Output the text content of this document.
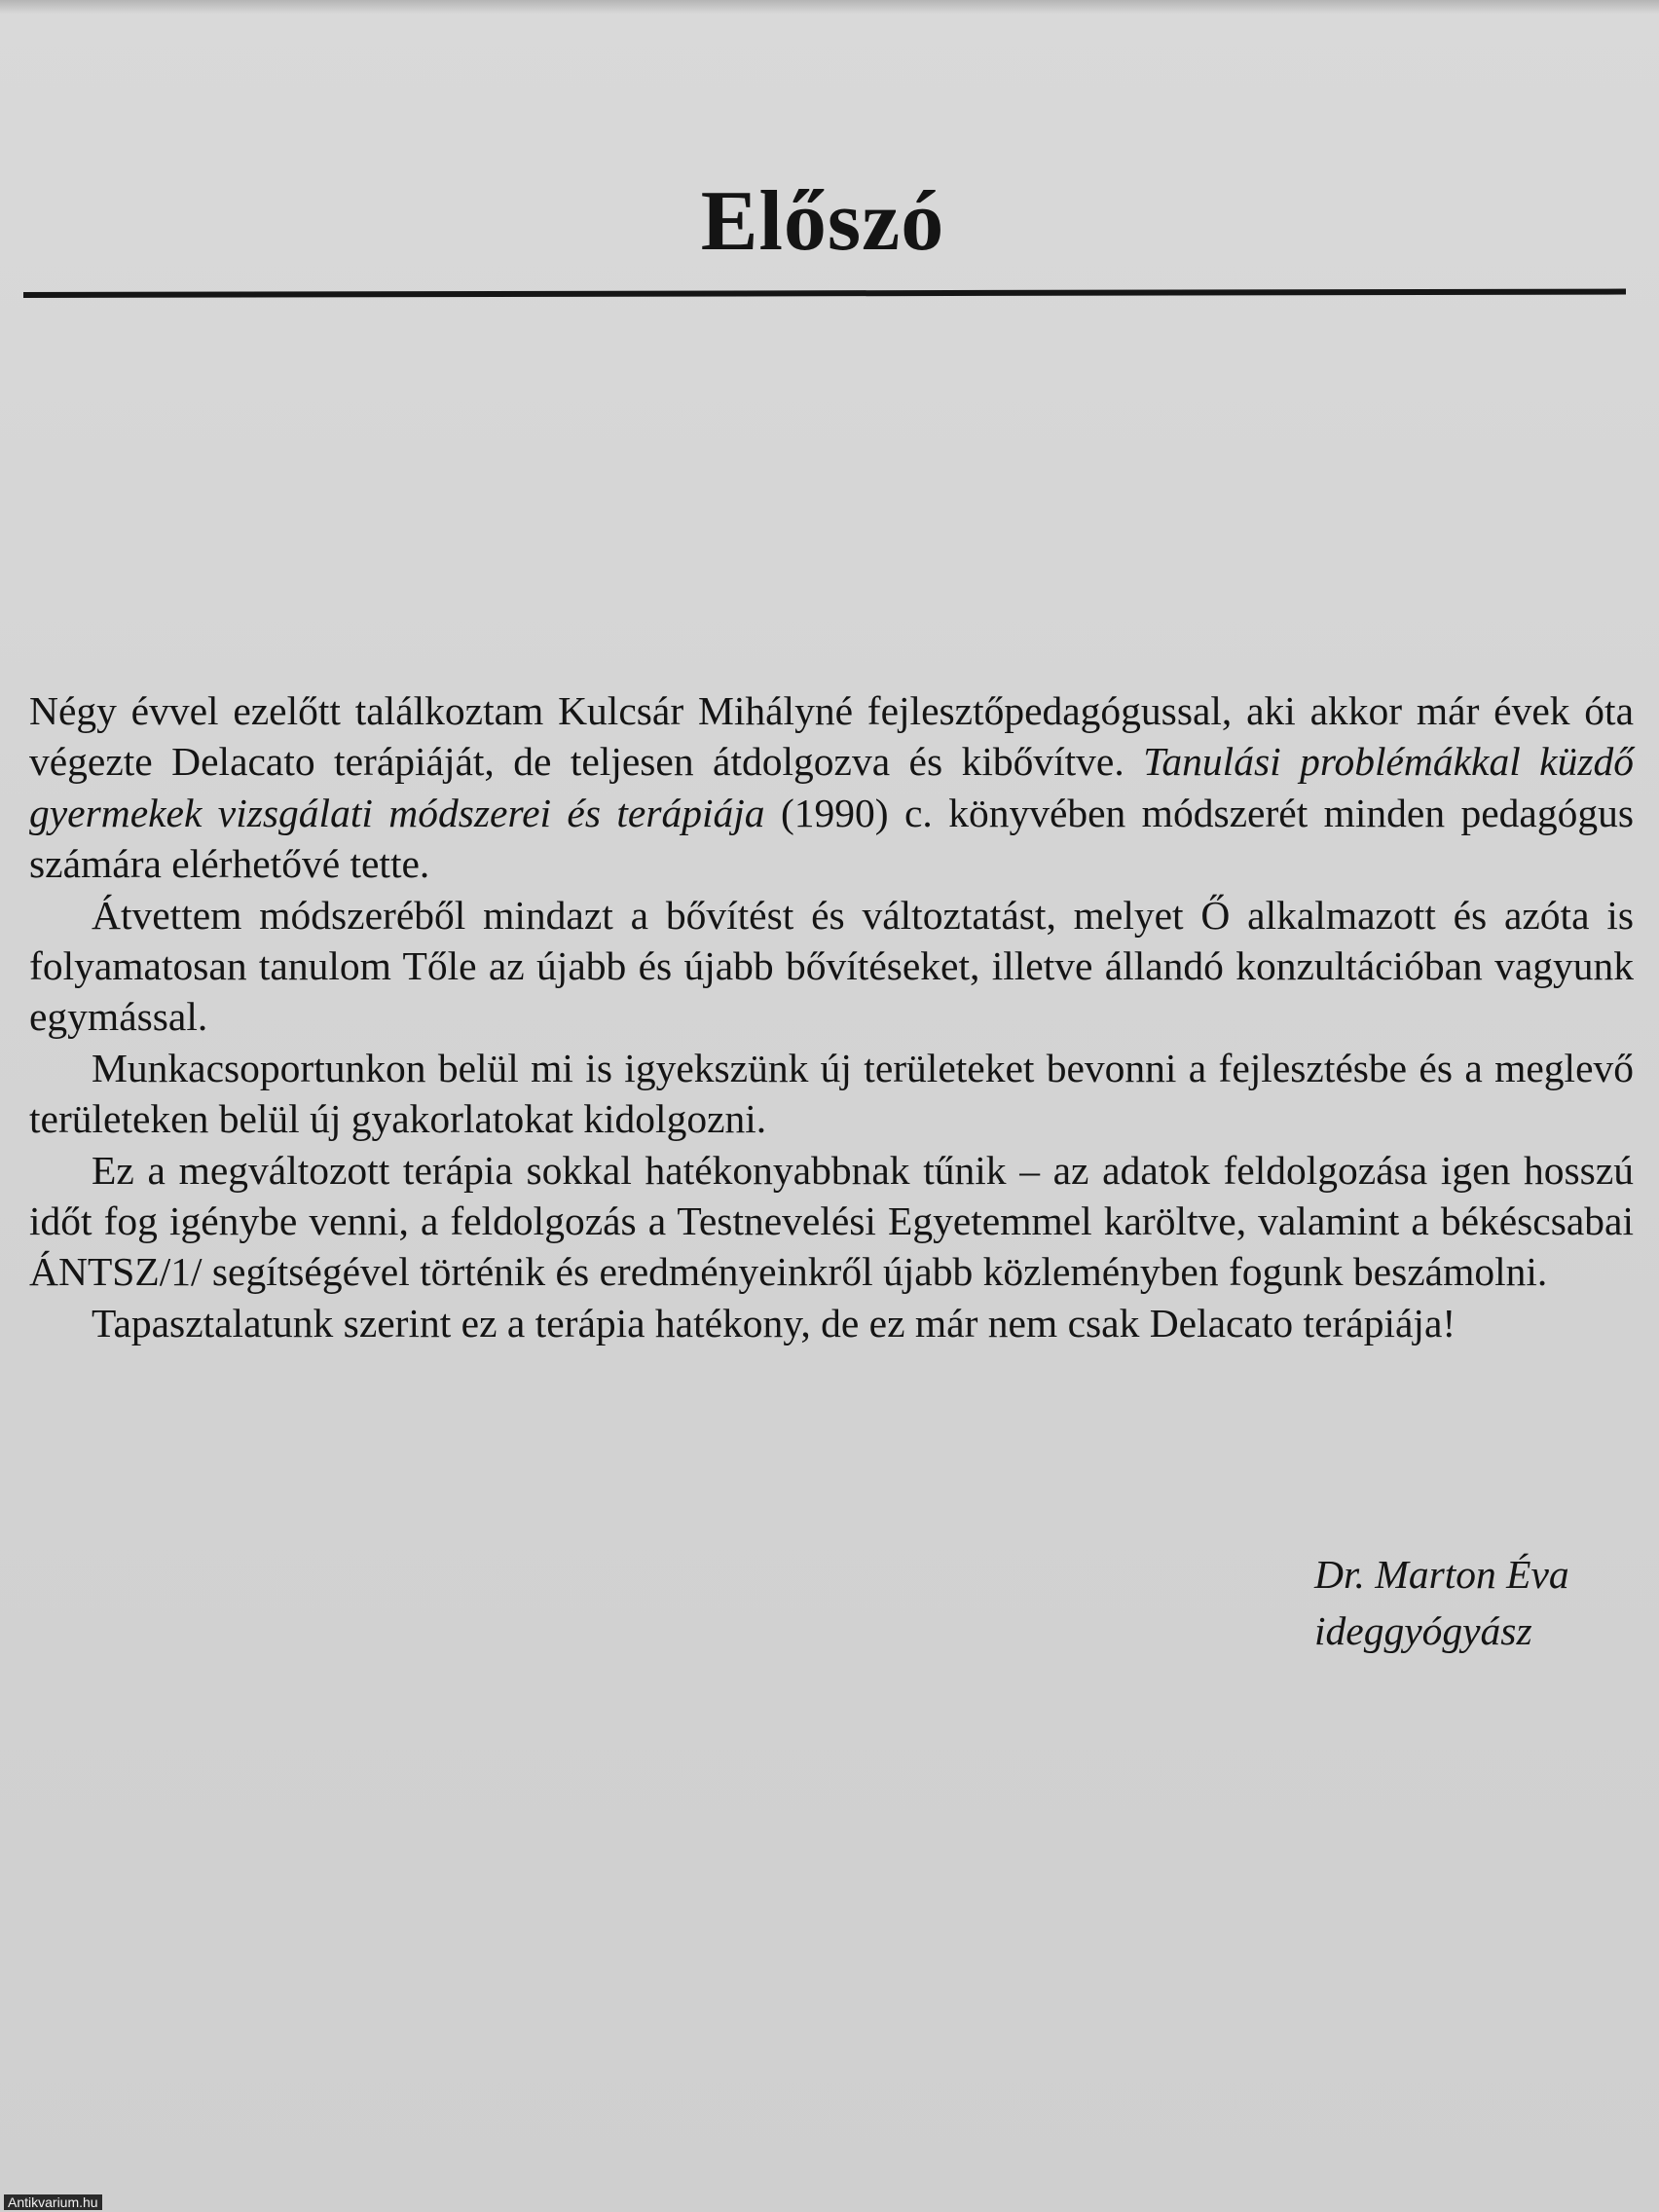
Előszó

Négy évvel ezelőtt találkoztam Kulcsár Mihályné fejlesztőpedagógussal, aki akkor már évek óta végezte Delacato terápiáját, de teljesen átdolgozva és kibővítve. Tanulási problémákkal küzdő gyermekek vizsgálati módszerei és terápiája (1990) c. könyvében módszerét minden pedagógus számára elérhetővé tette.

Átvettem módszeréből mindazt a bővítést és változtatást, melyet Ő alkalmazott és azóta is folyamatosan tanulom Tőle az újabb és újabb bővítéseket, illetve állandó konzultációban vagyunk egymással.

Munkacsoportunkon belül mi is igyekszünk új területeket bevonni a fejlesztésbe és a meglevő területeken belül új gyakorlatokat kidolgozni.

Ez a megváltozott terápia sokkal hatékonyabbnak tűnik – az adatok feldolgozása igen hosszú időt fog igénybe venni, a feldolgozás a Testnevelési Egyetemmel karöltve, valamint a békéscsabai ÁNTSZ/1/ segítségével történik és eredményeinkről újabb közleményben fogunk beszámolni.

Tapasztalatunk szerint ez a terápia hatékony, de ez már nem csak Delacato terápiája!

Dr. Marton Éva
ideggyógyász
Antikvarium.hu
